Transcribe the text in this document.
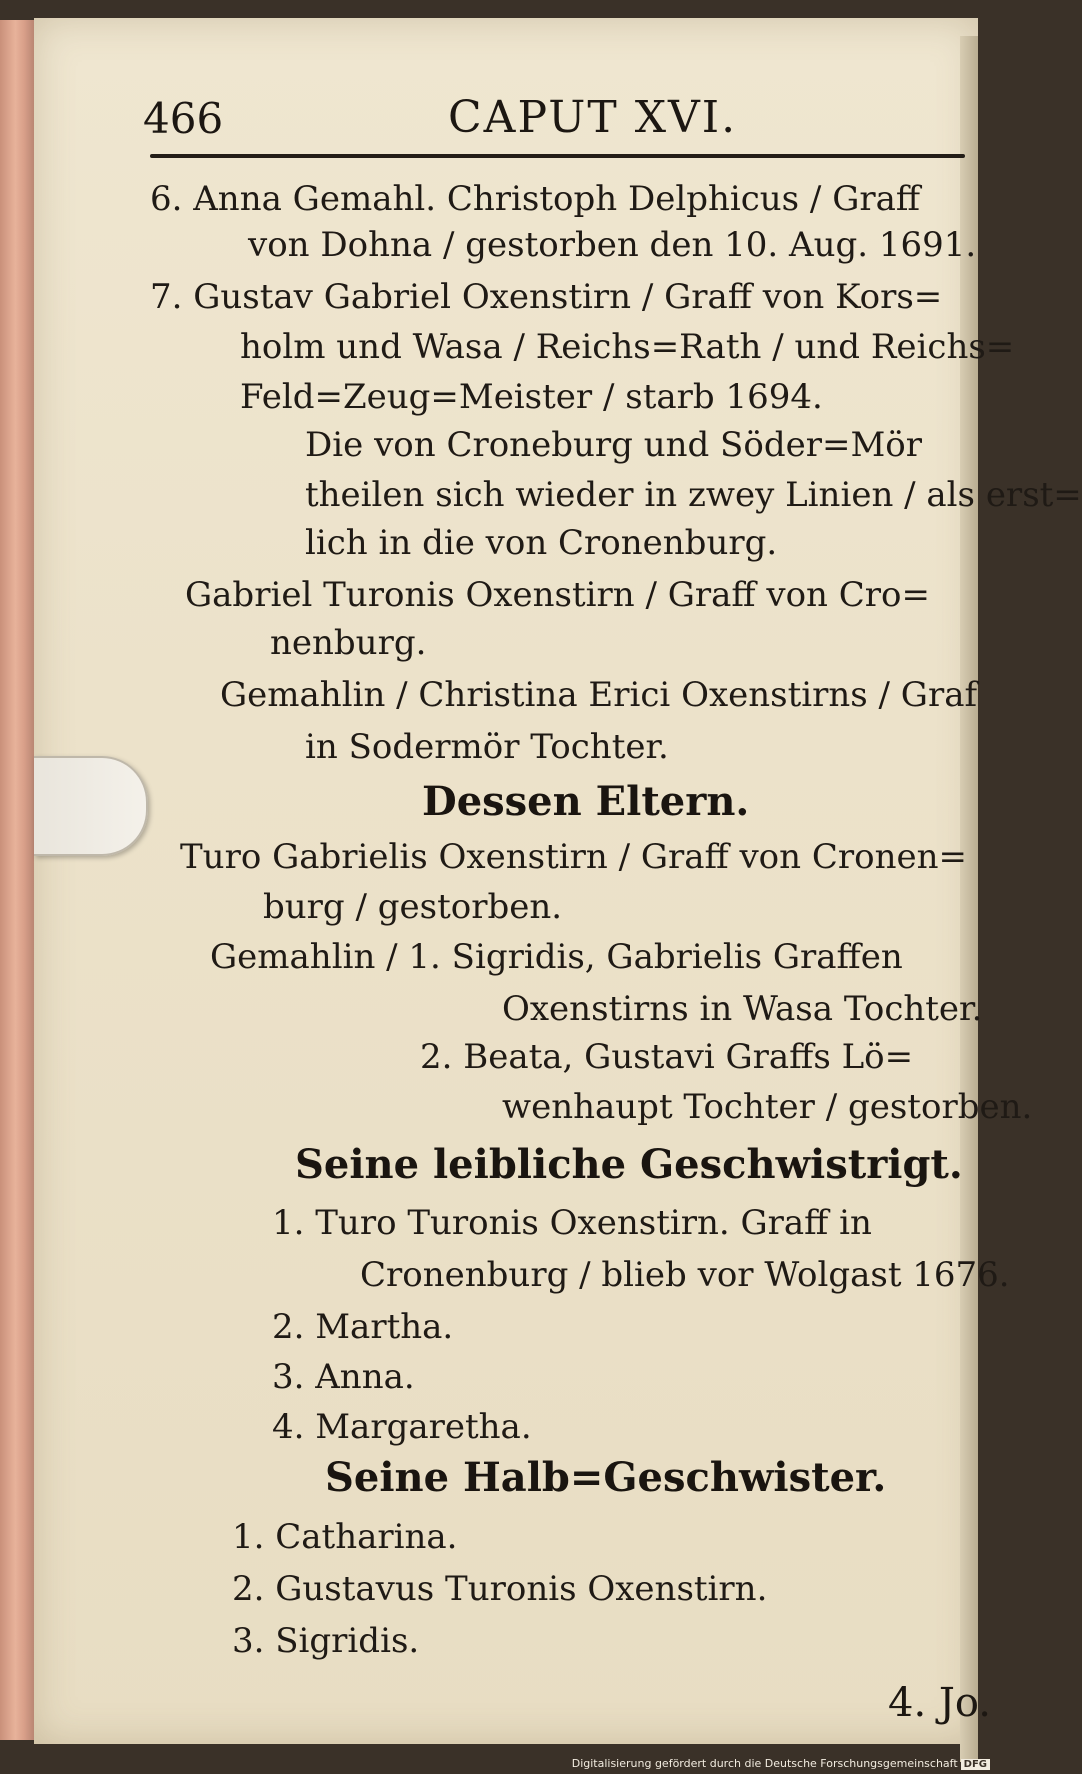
466	CAPUT XVI.
6. Anna Gemahl. Christoph Delphicus / Graff
von Dohna / gestorben den 10. Aug. 1691.
7. Gustav Gabriel Oxenstirn / Graff von Kors=
holm und Wasa / Reichs=Rath / und Reichs=
Feld=Zeug=Meister / starb 1694.
Die von Croneburg und Söder=Mör
theilen sich wieder in zwey Linien / als erst=
lich in die von Cronenburg.
Gabriel Turonis Oxenstirn / Graff von Cro=
nenburg.
Gemahlin / Christina Erici Oxenstirns / Graf
in Sodermör Tochter.
Dessen Eltern.
Turo Gabrielis Oxenstirn / Graff von Cronen=
burg / gestorben.
Gemahlin / 1. Sigridis, Gabrielis Graffen
Oxenstirns in Wasa Tochter.
2. Beata, Gustavi Graffs Lö=
wenhaupt Tochter / gestorben.
Seine leibliche Geschwistrigt.
1. Turo Turonis Oxenstirn. Graff in
Cronenburg / blieb vor Wolgast 1676.
2. Martha.
3. Anna.
4. Margaretha.
Seine Halb=Geschwister.
1. Catharina.
2. Gustavus Turonis Oxenstirn.
3. Sigridis.
4. Jo.
Digitalisierung gefördert durch die Deutsche Forschungsgemeinschaft DFG
